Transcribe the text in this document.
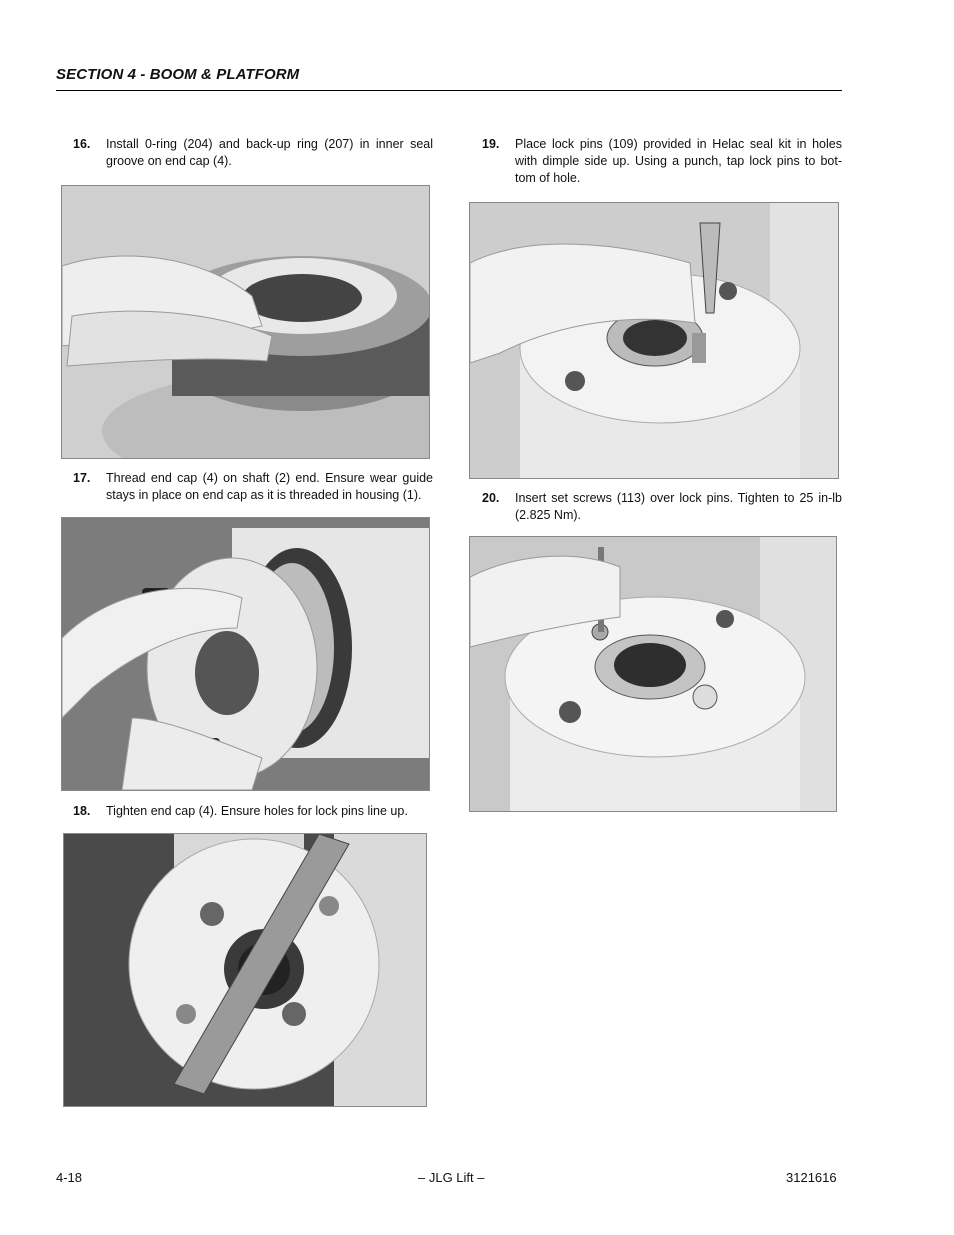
SECTION 4 - BOOM & PLATFORM
16.	Install 0-ring (204) and back-up ring (207) in inner seal groove on end cap (4).
17.	Thread end cap (4) on shaft (2) end. Ensure wear guide stays in place on end cap as it is threaded in housing (1).
18.	Tighten end cap (4). Ensure holes for lock pins line up.
19.	Place lock pins (109) provided in Helac seal kit in holes with dimple side up. Using a punch, tap lock pins to bot-tom of hole.
20.	Insert set screws (113) over lock pins. Tighten to 25 in-lb (2.825 Nm).
4-18	– JLG Lift –	3121616
